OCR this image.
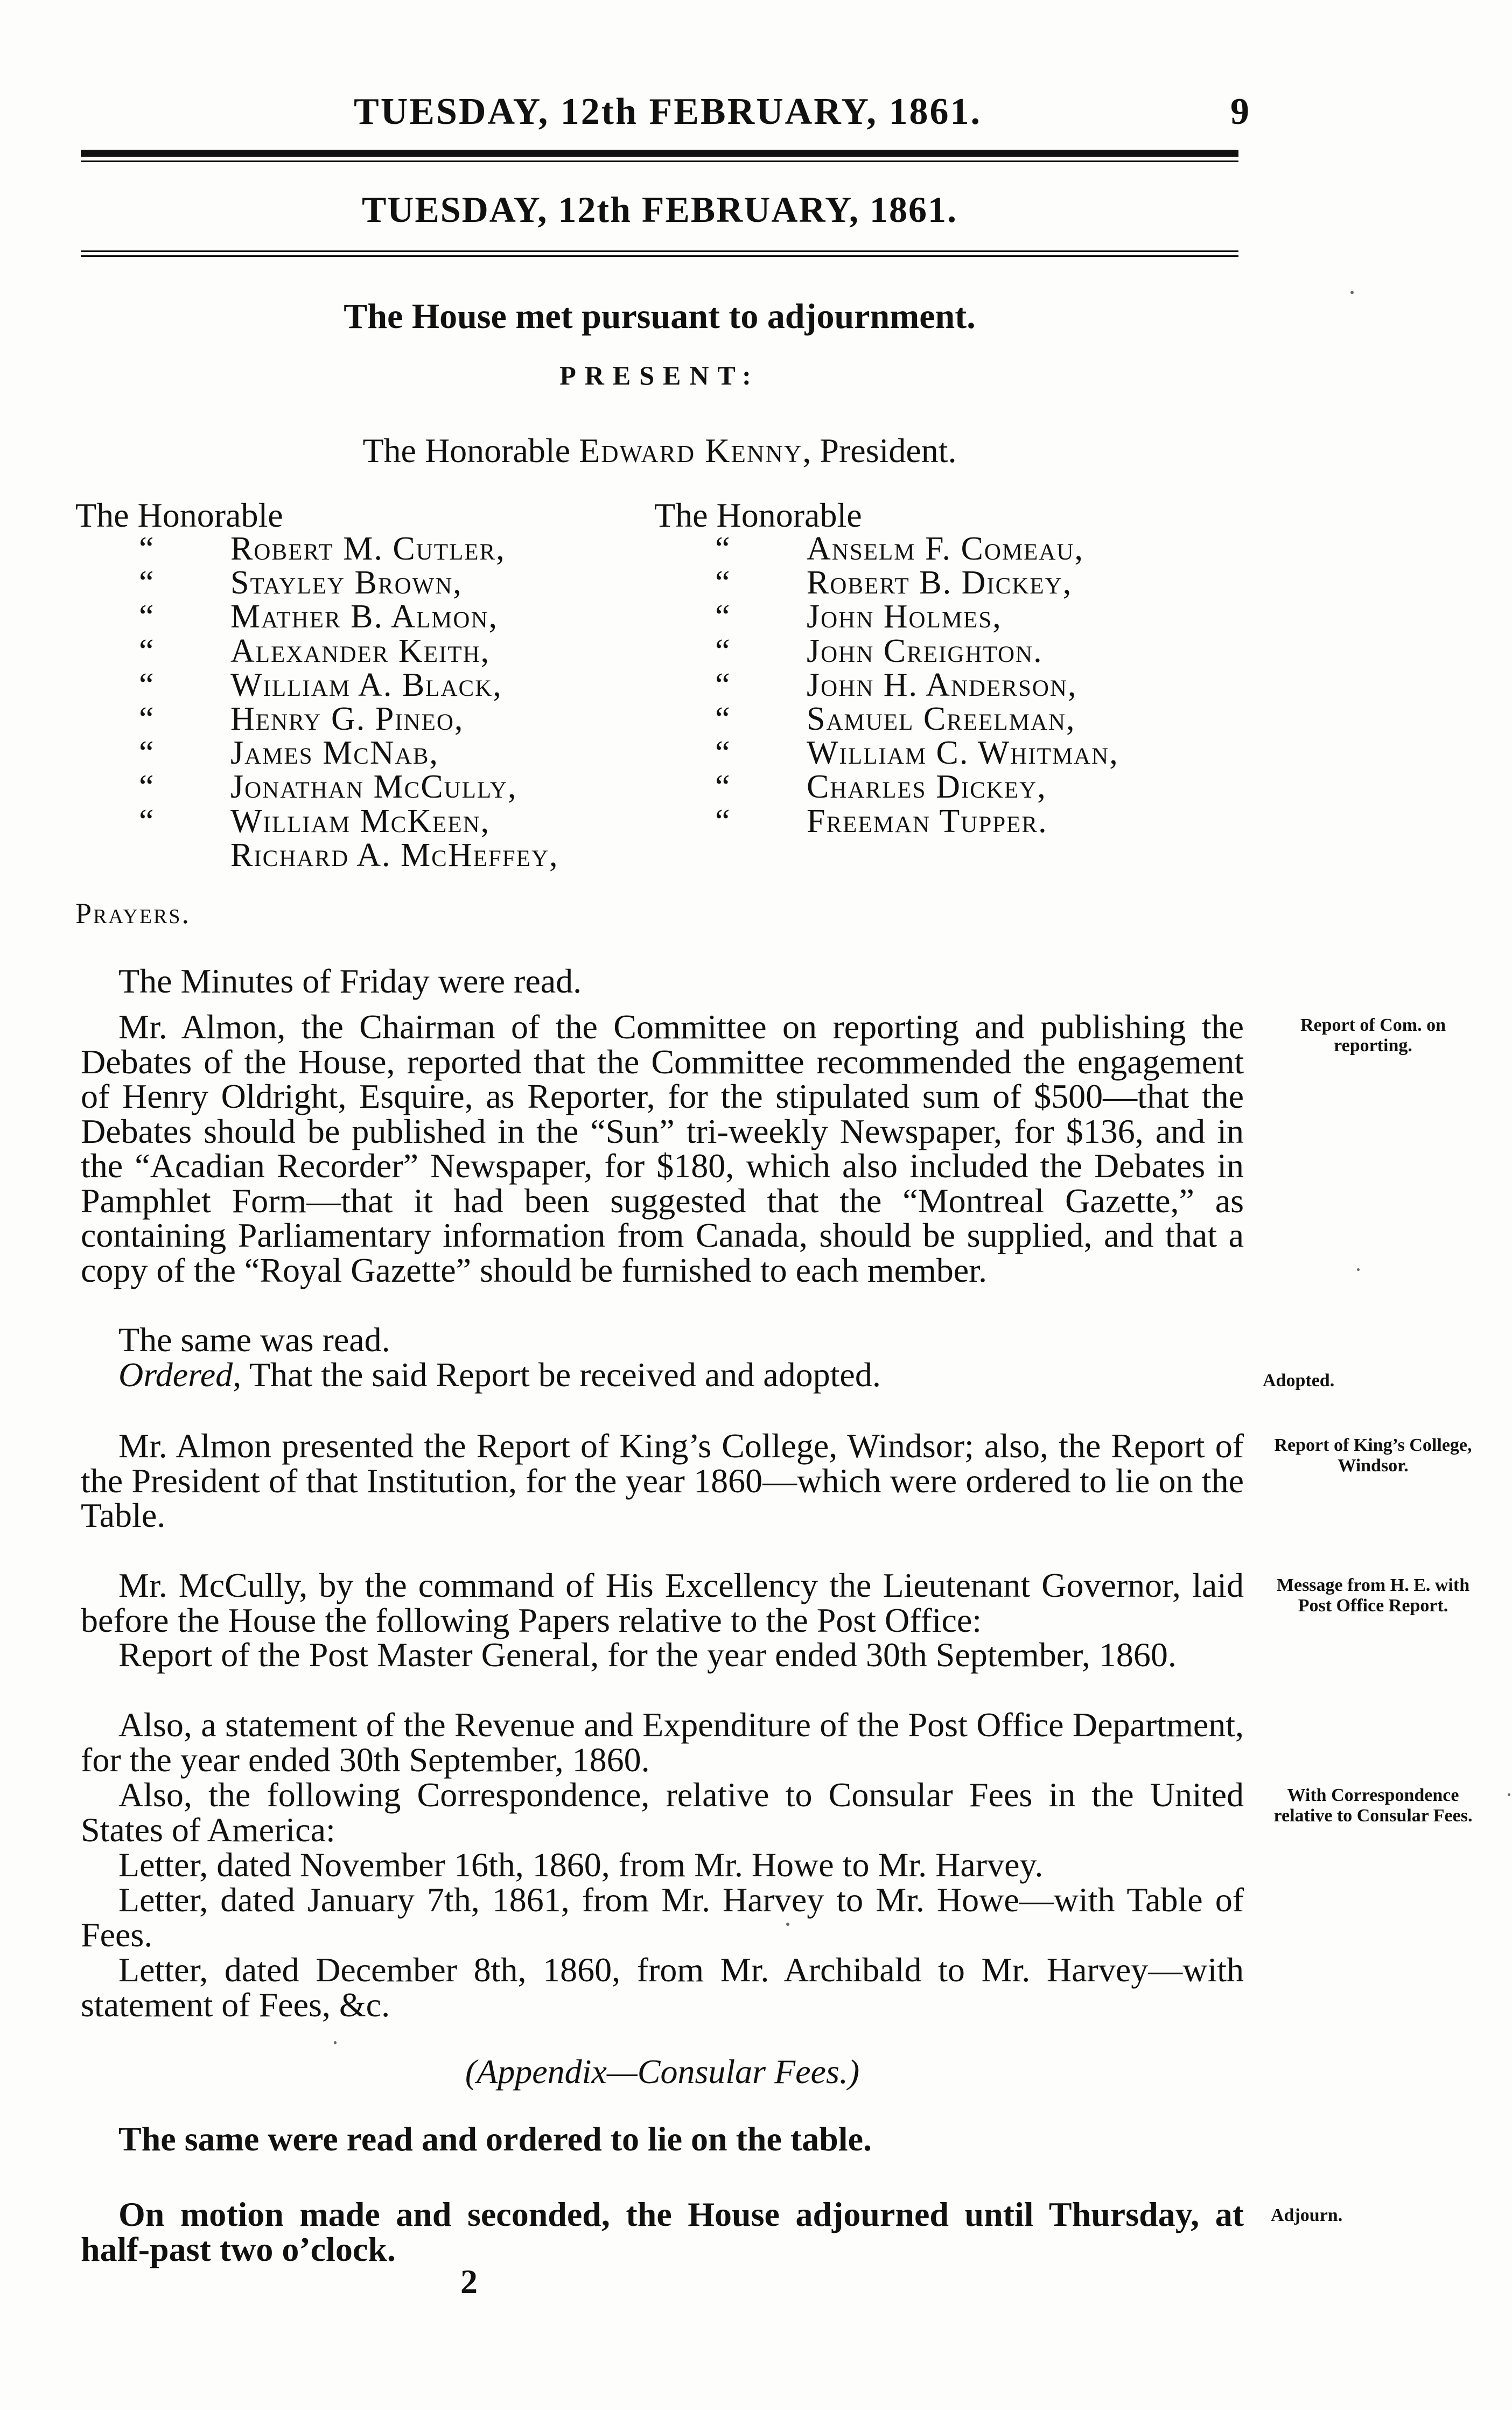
TUESDAY, 12th FEBRUARY, 1861.	9
TUESDAY, 12th FEBRUARY, 1861.
The House met pursuant to adjournment.
PRESENT:
The Honorable Edward Kenny, President.
The Honorable	The Honorable
“ Robert M. Cutler,
“ Stayley Brown,
“ Mather B. Almon,
“ Alexander Keith,
“ William A. Black,
“ Henry G. Pineo,
“ James McNab,
“ Jonathan McCully,
“ William McKeen,
Richard A. McHeffey,
“ Anselm F. Comeau,
“ Robert B. Dickey,
“ John Holmes,
“ John Creighton.
“ John H. Anderson,
“ Samuel Creelman,
“ William C. Whitman,
“ Charles Dickey,
“ Freeman Tupper.
Prayers.

The Minutes of Friday were read.

Mr. Almon, the Chairman of the Committee on reporting and publishing the Debates of the House, reported that the Committee recommended the engagement of Henry Oldright, Esquire, as Reporter, for the stipulated sum of $500—that the Debates should be published in the “Sun” tri-weekly Newspaper, for $136, and in the “Acadian Recorder” Newspaper, for $180, which also included the Debates in Pamphlet Form—that it had been suggested that the “Montreal Gazette,” as containing Parliamentary information from Canada, should be supplied, and that a copy of the “Royal Gazette” should be furnished to each member.

The same was read.

Ordered, That the said Report be received and adopted.

Mr. Almon presented the Report of King’s College, Windsor; also, the Report of the President of that Institution, for the year 1860—which were ordered to lie on the Table.

Mr. McCully, by the command of His Excellency the Lieutenant Governor, laid before the House the following Papers relative to the Post Office:

Report of the Post Master General, for the year ended 30th September, 1860.

Also, a statement of the Revenue and Expenditure of the Post Office Department, for the year ended 30th September, 1860.

Also, the following Correspondence, relative to Consular Fees in the United States of America:

Letter, dated November 16th, 1860, from Mr. Howe to Mr. Harvey.

Letter, dated January 7th, 1861, from Mr. Harvey to Mr. Howe—with Table of Fees.

Letter, dated December 8th, 1860, from Mr. Archibald to Mr. Harvey—with statement of Fees, &c.

(Appendix—Consular Fees.)

The same were read and ordered to lie on the table.

On motion made and seconded, the House adjourned until Thursday, at half-past two o’clock.

Report of Com. on reporting.
Adopted.
Report of King’s College, Windsor.
Message from H. E. with Post Office Report.
With Correspondence relative to Consular Fees.
Adjourn.
2
